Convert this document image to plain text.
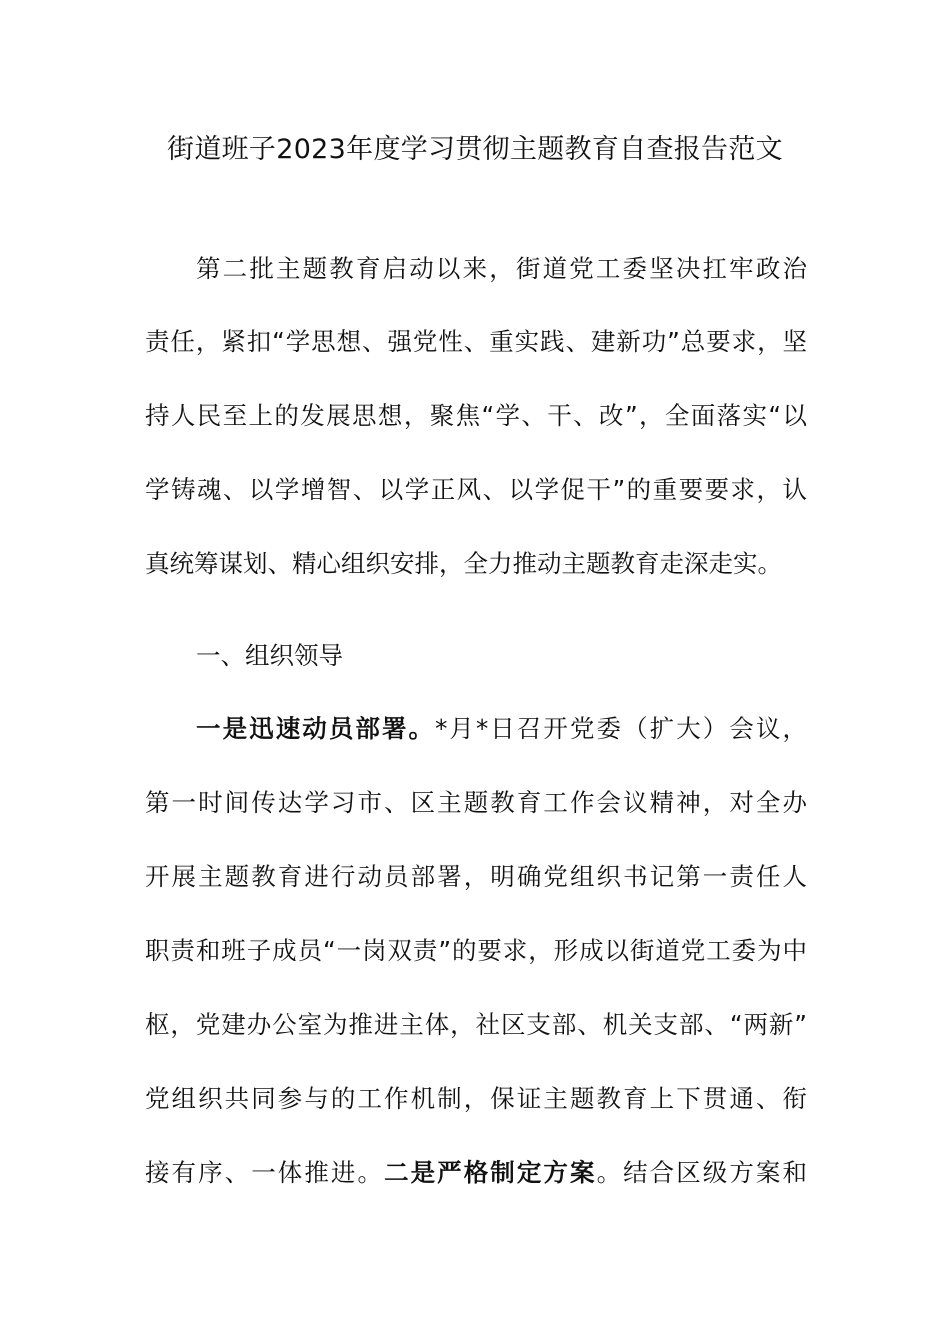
街道班子2023年度学习贯彻主题教育自查报告范文
第二批主题教育启动以来，街道党工委坚决扛牢政治
责任，紧扣“学思想、强党性、重实践、建新功”总要求，坚
持人民至上的发展思想，聚焦“学、干、改”，全面落实“以
学铸魂、以学增智、以学正风、以学促干”的重要要求，认
真统筹谋划、精心组织安排，全力推动主题教育走深走实。
一、组织领导
一是迅速动员部署。*月*日召开党委（扩大）会议，
第一时间传达学习市、区主题教育工作会议精神，对全办
开展主题教育进行动员部署，明确党组织书记第一责任人
职责和班子成员“一岗双责”的要求，形成以街道党工委为中
枢，党建办公室为推进主体，社区支部、机关支部、“两新”
党组织共同参与的工作机制，保证主题教育上下贯通、衔
接有序、一体推进。二是严格制定方案。结合区级方案和
